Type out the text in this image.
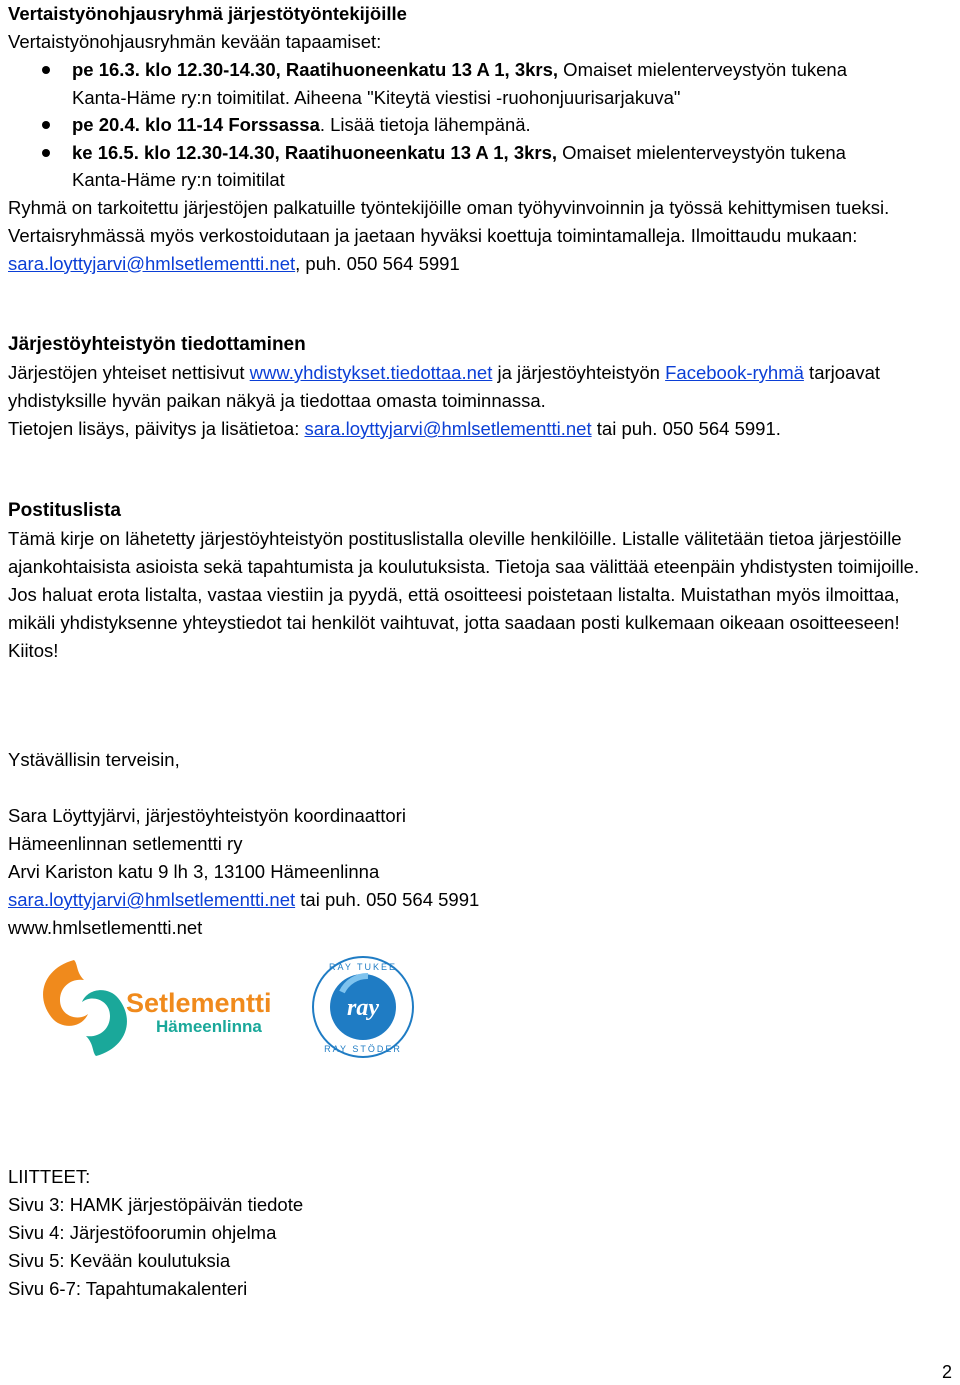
Vertaistyönohjausryhmä järjestötyöntekijöille

Vertaistyönohjausryhmän kevään tapaamiset:

pe 16.3. klo 12.30-14.30, Raatihuoneenkatu 13 A 1, 3krs, Omaiset mielenterveystyön tukena
Kanta-Häme ry:n toimitilat. Aiheena "Kiteytä viestisi -ruohonjuurisarjakuva"
pe 20.4. klo 11-14 Forssassa. Lisää tietoja lähempänä.
ke 16.5. klo 12.30-14.30, Raatihuoneenkatu 13 A 1, 3krs, Omaiset mielenterveystyön tukena
Kanta-Häme ry:n toimitilat

Ryhmä on tarkoitettu järjestöjen palkatuille työntekijöille oman työhyvinvoinnin ja työssä kehittymisen tueksi. Vertaisryhmässä myös verkostoidutaan ja jaetaan hyväksi koettuja toimintamalleja. Ilmoittaudu mukaan: sara.loyttyjarvi@hmlsetlementti.net, puh. 050 564 5991

Järjestöyhteistyön tiedottaminen

Järjestöjen yhteiset nettisivut www.yhdistykset.tiedottaa.net ja järjestöyhteistyön Facebook-ryhmä tarjoavat yhdistyksille hyvän paikan näkyä ja tiedottaa omasta toiminnassa.

Tietojen lisäys, päivitys ja lisätietoa: sara.loyttyjarvi@hmlsetlementti.net tai puh. 050 564 5991.

Postituslista

Tämä kirje on lähetetty järjestöyhteistyön postituslistalla oleville henkilöille. Listalle välitetään tietoa järjestöille ajankohtaisista asioista sekä tapahtumista ja koulutuksista. Tietoja saa välittää eteenpäin yhdistysten toimijoille. Jos haluat erota listalta, vastaa viestiin ja pyydä, että osoitteesi poistetaan listalta. Muistathan myös ilmoittaa, mikäli yhdistyksenne yhteystiedot tai henkilöt vaihtuvat, jotta saadaan posti kulkemaan oikeaan osoitteeseen! Kiitos!

Ystävällisin terveisin,

Sara Löyttyjärvi, järjestöyhteistyön koordinaattori

Hämeenlinnan setlementti ry

Arvi Kariston katu 9 lh 3, 13100 Hämeenlinna

sara.loyttyjarvi@hmlsetlementti.net tai puh. 050 564 5991

www.hmlsetlementti.net

Setlementti
Hämeenlinna
ray
RAY TUKEE
RAY STÖDER

LIITTEET:

Sivu 3: HAMK järjestöpäivän tiedote

Sivu 4: Järjestöfoorumin ohjelma

Sivu 5: Kevään koulutuksia

Sivu 6-7: Tapahtumakalenteri

2
